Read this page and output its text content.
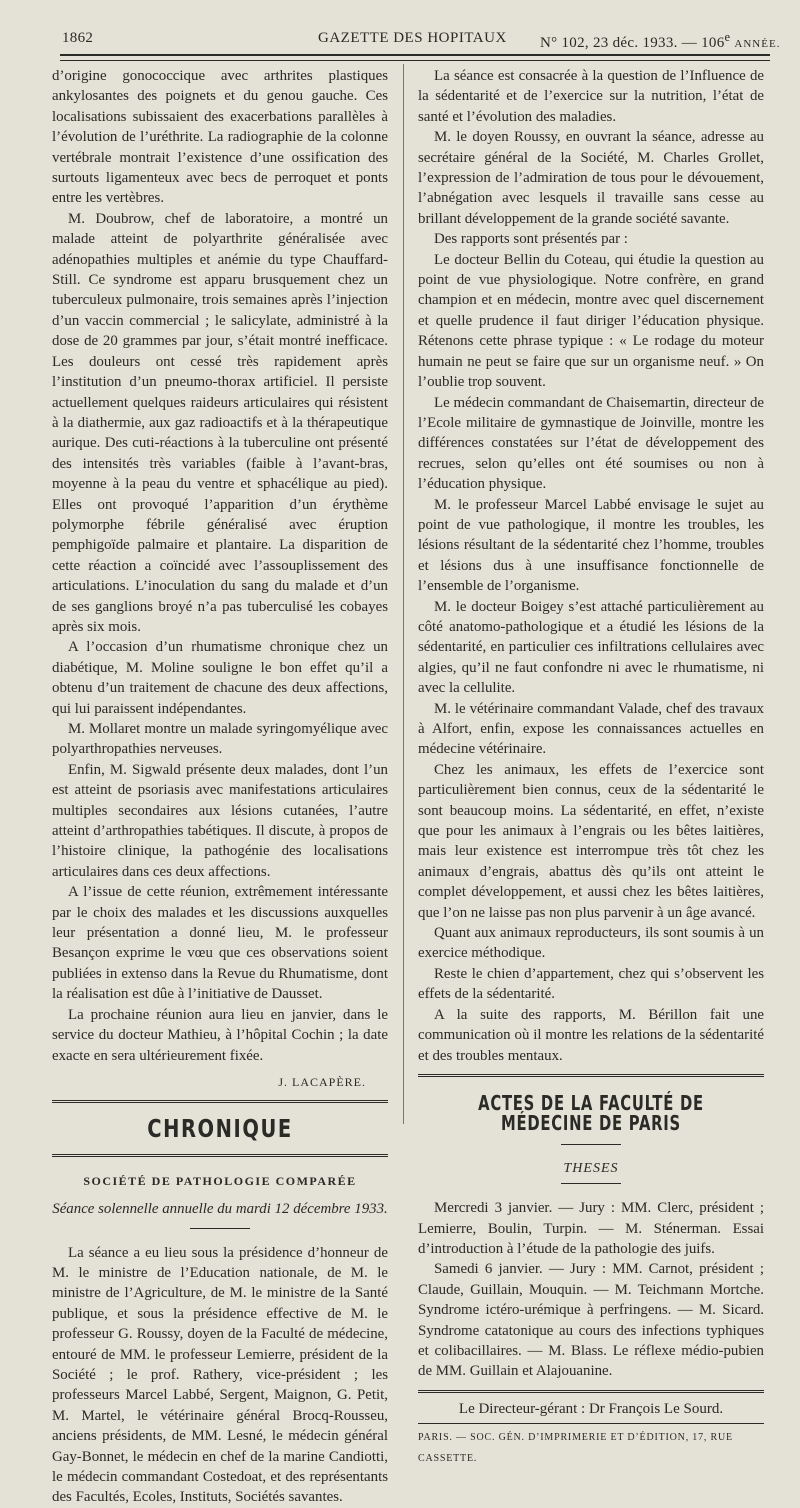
1862	GAZETTE DES HOPITAUX N° 102, 23 déc. 1933. — 106e ANNÉE.

d’origine gonococcique avec arthrites plastiques ankylosantes des poignets et du genou gauche. Ces localisations subissaient des exacerbations parallèles à l’évolution de l’uréthrite. La radiographie de la colonne vertébrale montrait l’existence d’une ossification des surtouts ligamenteux avec becs de perroquet et ponts entre les vertèbres.

M. Doubrow, chef de laboratoire, a montré un malade atteint de polyarthrite généralisée avec adénopathies multiples et anémie du type Chauffard-Still. Ce syndrome est apparu brusquement chez un tuberculeux pulmonaire, trois semaines après l’injection d’un vaccin commercial ; le salicylate, administré à la dose de 20 grammes par jour, s’était montré inefficace. Les douleurs ont cessé très rapidement après l’institution d’un pneumo-thorax artificiel. Il persiste actuellement quelques raideurs articulaires qui résistent à la diathermie, aux gaz radioactifs et à la thérapeutique aurique. Des cuti-réactions à la tuberculine ont présenté des intensités très variables (faible à l’avant-bras, moyenne à la peau du ventre et sphacélique au pied). Elles ont provoqué l’apparition d’un érythème polymorphe fébrile généralisé avec éruption pemphigoïde palmaire et plantaire. La disparition de cette réaction a coïncidé avec l’assouplissement des articulations. L’inoculation du sang du malade et d’un de ses ganglions broyé n’a pas tuberculisé les cobayes après six mois.

A l’occasion d’un rhumatisme chronique chez un diabétique, M. Moline souligne le bon effet qu’il a obtenu d’un traitement de chacune des deux affections, qui lui paraissent indépendantes.

M. Mollaret montre un malade syringomyélique avec polyarthropathies nerveuses.

Enfin, M. Sigwald présente deux malades, dont l’un est atteint de psoriasis avec manifestations articulaires multiples secondaires aux lésions cutanées, l’autre atteint d’arthropathies tabétiques. Il discute, à propos de l’histoire clinique, la pathogénie des localisations articulaires dans ces deux affections.

A l’issue de cette réunion, extrêmement intéressante par le choix des malades et les discussions auxquelles leur présentation a donné lieu, M. le professeur Besançon exprime le vœu que ces observations soient publiées in extenso dans la Revue du Rhumatisme, dont la réalisation est dûe à l’initiative de Dausset.

La prochaine réunion aura lieu en janvier, dans le service du docteur Mathieu, à l’hôpital Cochin ; la date exacte en sera ultérieurement fixée.

J. LACAPÈRE.

CHRONIQUE
SOCIÉTÉ DE PATHOLOGIE COMPARÉE
Séance solennelle annuelle du mardi 12 décembre 1933.

La séance a eu lieu sous la présidence d’honneur de M. le ministre de l’Education nationale, de M. le ministre de l’Agriculture, de M. le ministre de la Santé publique, et sous la présidence effective de M. le professeur G. Roussy, doyen de la Faculté de médecine, entouré de MM. le professeur Lemierre, président de la Société ; le prof. Rathery, vice-président ; les professeurs Marcel Labbé, Sergent, Maignon, G. Petit, M. Martel, le vétérinaire général Brocq-Rousseu, anciens présidents, de MM. Lesné, le médecin général Gay-Bonnet, le médecin en chef de la marine Candiotti, le médecin commandant Costedoat, et des représentants des Facultés, Ecoles, Instituts, Sociétés savantes.

La séance est consacrée à la question de l’Influence de la sédentarité et de l’exercice sur la nutrition, l’état de santé et l’évolution des maladies.

M. le doyen Roussy, en ouvrant la séance, adresse au secrétaire général de la Société, M. Charles Grollet, l’expression de l’admiration de tous pour le dévouement, l’abnégation avec lesquels il travaille sans cesse au brillant développement de la grande société savante.

Des rapports sont présentés par :

Le docteur Bellin du Coteau, qui étudie la question au point de vue physiologique. Notre confrère, en grand champion et en médecin, montre avec quel discernement et quelle prudence il faut diriger l’éducation physique. Rétenons cette phrase typique : « Le rodage du moteur humain ne peut se faire que sur un organisme neuf. » On l’oublie trop souvent.

Le médecin commandant de Chaisemartin, directeur de l’Ecole militaire de gymnastique de Joinville, montre les différences constatées sur l’état de développement des recrues, selon qu’elles ont été soumises ou non à l’éducation physique.

M. le professeur Marcel Labbé envisage le sujet au point de vue pathologique, il montre les troubles, les lésions résultant de la sédentarité chez l’homme, troubles et lésions dus à une insuffisance fonctionnelle de l’ensemble de l’organisme.

M. le docteur Boigey s’est attaché particulièrement au côté anatomo-pathologique et a étudié les lésions de la sédentarité, en particulier ces infiltrations cellulaires avec algies, qu’il ne faut confondre ni avec le rhumatisme, ni avec la cellulite.

M. le vétérinaire commandant Valade, chef des travaux à Alfort, enfin, expose les connaissances actuelles en médecine vétérinaire.

Chez les animaux, les effets de l’exercice sont particulièrement bien connus, ceux de la sédentarité le sont beaucoup moins. La sédentarité, en effet, n’existe que pour les animaux à l’engrais ou les bêtes laitières, mais leur existence est interrompue très tôt chez les animaux d’engrais, abattus dès qu’ils ont atteint le complet développement, et aussi chez les bêtes laitières, que l’on ne laisse pas non plus parvenir à un âge avancé.

Quant aux animaux reproducteurs, ils sont soumis à un exercice méthodique.

Reste le chien d’appartement, chez qui s’observent les effets de la sédentarité.

A la suite des rapports, M. Bérillon fait une communication où il montre les relations de la sédentarité et des troubles mentaux.

ACTES DE LA FACULTÉ DE MÉDECINE DE PARIS
THESES

Mercredi 3 janvier. — Jury : MM. Clerc, président ; Lemierre, Boulin, Turpin. — M. Sténerman. Essai d’introduction à l’étude de la pathologie des juifs.

Samedi 6 janvier. — Jury : MM. Carnot, président ; Claude, Guillain, Mouquin. — M. Teichmann Mortche. Syndrome ictéro-urémique à perfringens. — M. Sicard. Syndrome catatonique au cours des infections typhiques et colibacillaires. — M. Blass. Le réflexe médio-pubien de MM. Guillain et Alajouanine.

Le Directeur-gérant : Dr François Le Sourd.
PARIS. — SOC. GÉN. D’IMPRIMERIE ET D’ÉDITION, 17, RUE CASSETTE.
